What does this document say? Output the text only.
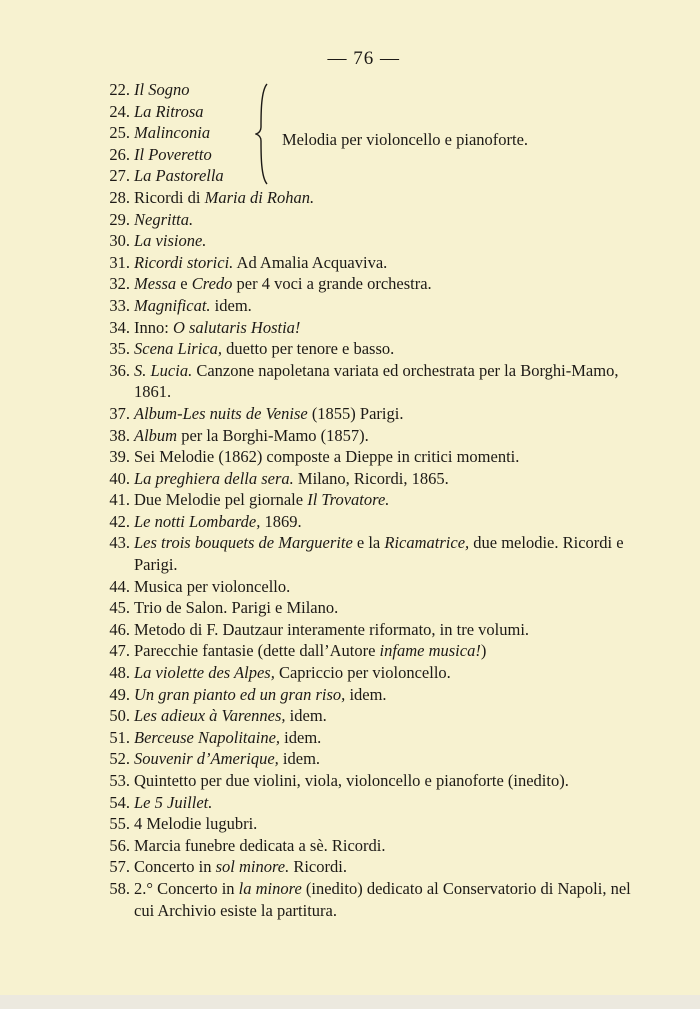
— 76 —
22. Il Sogno
24. La Ritrosa
25. Malinconia
26. Il Poveretto
27. La Pastorella
Melodia per violoncello e pianoforte.
28. Ricordi di Maria di Rohan.
29. Negritta.
30. La visione.
31. Ricordi storici. Ad Amalia Acquaviva.
32. Messa e Credo per 4 voci a grande orchestra.
33. Magnificat. idem.
34. Inno: O salutaris Hostia!
35. Scena Lirica, duetto per tenore e basso.
36. S. Lucia. Canzone napoletana variata ed orchestrata per la Borghi-Mamo, 1861.
37. Album-Les nuits de Venise (1855) Parigi.
38. Album per la Borghi-Mamo (1857).
39. Sei Melodie (1862) composte a Dieppe in critici momenti.
40. La preghiera della sera. Milano, Ricordi, 1865.
41. Due Melodie pel giornale Il Trovatore.
42. Le notti Lombarde, 1869.
43. Les trois bouquets de Marguerite e la Ricamatrice, due melodie. Ricordi e Parigi.
44. Musica per violoncello.
45. Trio de Salon. Parigi e Milano.
46. Metodo di F. Dautzaur interamente riformato, in tre volumi.
47. Parecchie fantasie (dette dall’Autore infame musica!)
48. La violette des Alpes, Capriccio per violoncello.
49. Un gran pianto ed un gran riso, idem.
50. Les adieux à Varennes, idem.
51. Berceuse Napolitaine, idem.
52. Souvenir d’Amerique, idem.
53. Quintetto per due violini, viola, violoncello e pianoforte (inedito).
54. Le 5 Juillet.
55. 4 Melodie lugubri.
56. Marcia funebre dedicata a sè. Ricordi.
57. Concerto in sol minore. Ricordi.
58. 2.° Concerto in la minore (inedito) dedicato al Conservatorio di Napoli, nel cui Archivio esiste la partitura.
